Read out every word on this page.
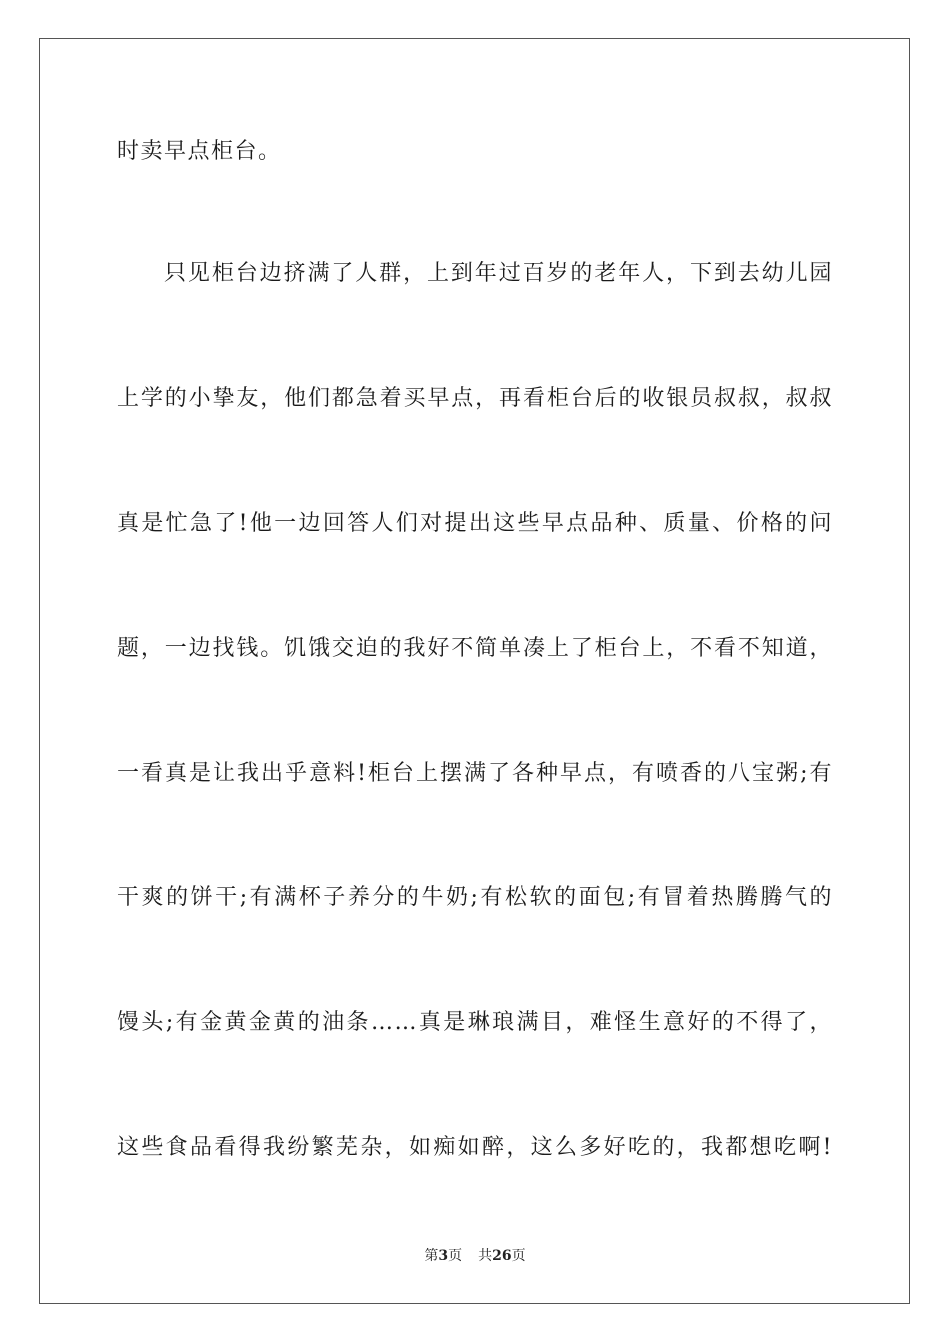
时卖早点柜台。
只见柜台边挤满了人群，上到年过百岁的老年人，下到去幼儿园
上学的小挚友，他们都急着买早点，再看柜台后的收银员叔叔，叔叔
真是忙急了!他一边回答人们对提出这些早点品种、质量、价格的问
题，一边找钱。饥饿交迫的我好不简单凑上了柜台上，不看不知道，
一看真是让我出乎意料!柜台上摆满了各种早点，有喷香的八宝粥;有
干爽的饼干;有满杯子养分的牛奶;有松软的面包;有冒着热腾腾气的
馒头;有金黄金黄的油条……真是琳琅满目，难怪生意好的不得了，
这些食品看得我纷繁芜杂，如痴如醉，这么多好吃的，我都想吃啊!
第3页 共26页
